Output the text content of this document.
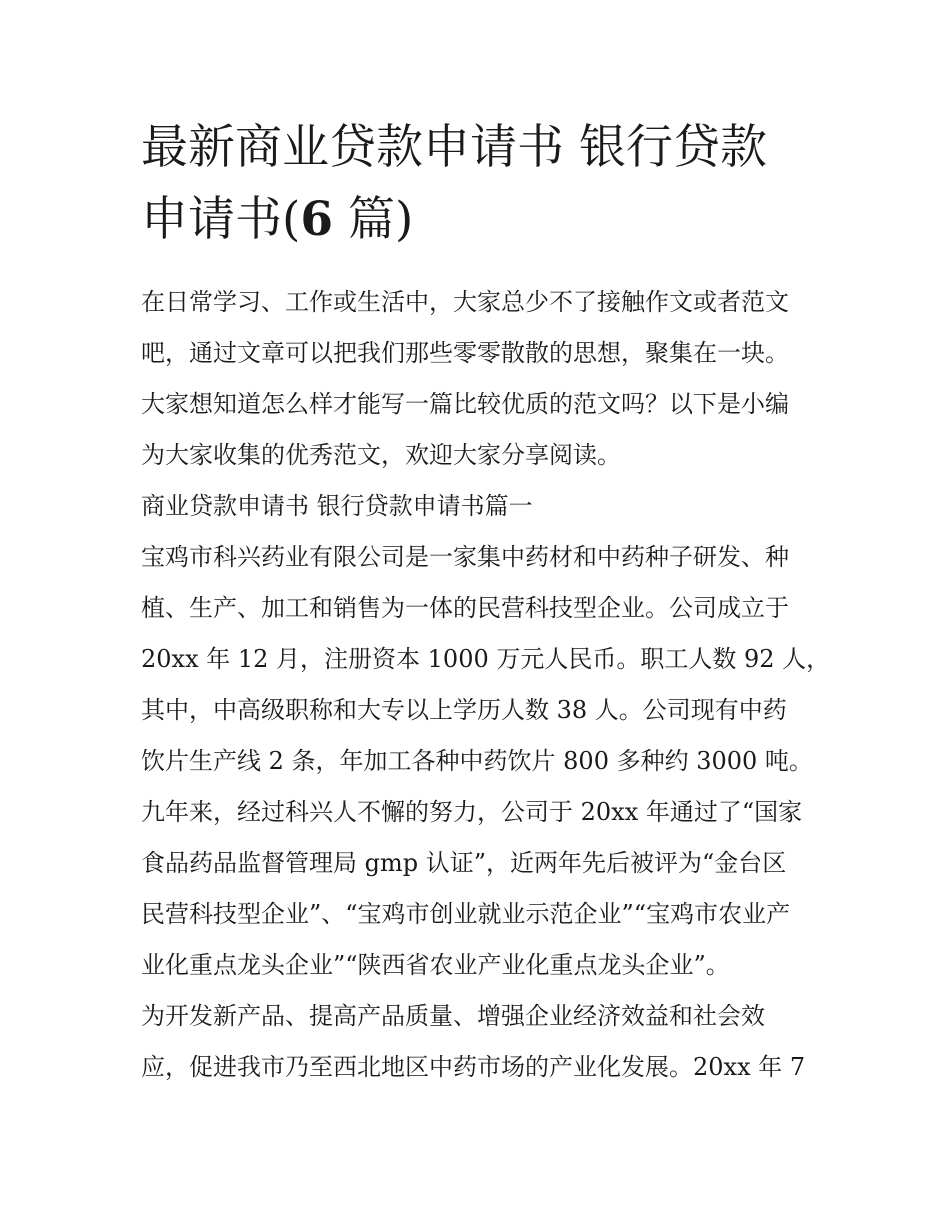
最新商业贷款申请书 银行贷款
申请书(6 篇)

在日常学习、工作或生活中，大家总少不了接触作文或者范文

吧，通过文章可以把我们那些零零散散的思想，聚集在一块。

大家想知道怎么样才能写一篇比较优质的范文吗？以下是小编

为大家收集的优秀范文，欢迎大家分享阅读。

商业贷款申请书 银行贷款申请书篇一

宝鸡市科兴药业有限公司是一家集中药材和中药种子研发、种

植、生产、加工和销售为一体的民营科技型企业。公司成立于

20xx 年 12 月，注册资本 1000 万元人民币。职工人数 92 人，

其中，中高级职称和大专以上学历人数 38 人。公司现有中药

饮片生产线 2 条，年加工各种中药饮片 800 多种约 3000 吨。

九年来，经过科兴人不懈的努力，公司于 20xx 年通过了“国家

食品药品监督管理局 gmp 认证”，近两年先后被评为“金台区

民营科技型企业”、“宝鸡市创业就业示范企业”“宝鸡市农业产

业化重点龙头企业”“陕西省农业产业化重点龙头企业”。

为开发新产品、提高产品质量、增强企业经济效益和社会效

应，促进我市乃至西北地区中药市场的产业化发展。20xx 年 7
